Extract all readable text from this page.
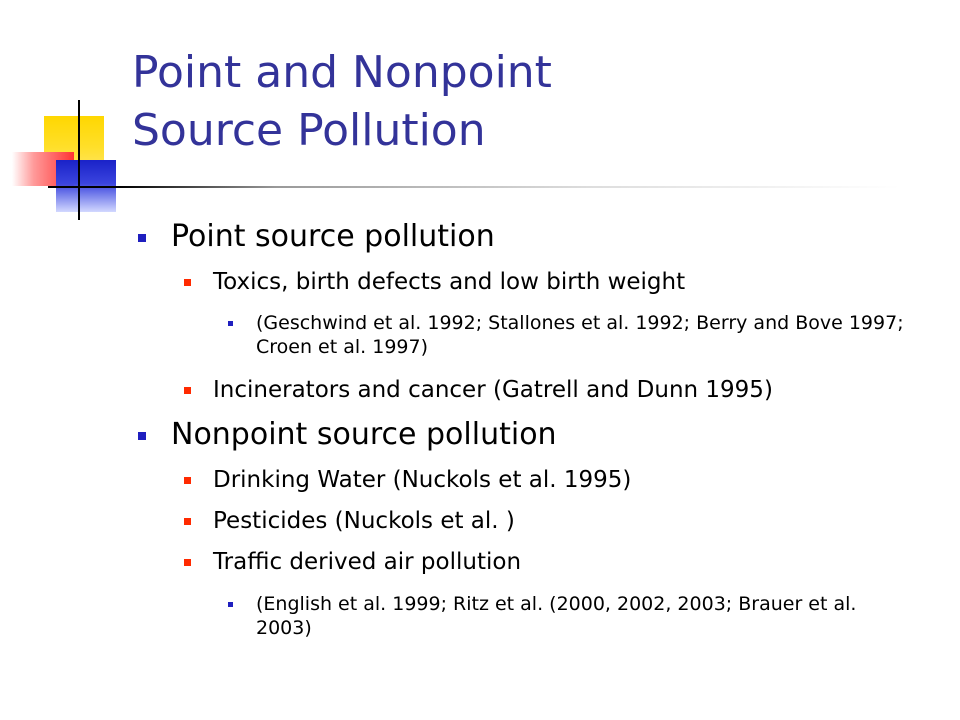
Point and Nonpoint
Source Pollution
Point source pollution
Toxics, birth defects and low birth weight
(Geschwind et al. 1992; Stallones et al. 1992; Berry and Bove 1997; Croen et al. 1997)
Incinerators and cancer (Gatrell and Dunn 1995)
Nonpoint source pollution
Drinking Water (Nuckols et al. 1995)
Pesticides (Nuckols et al. )
Traffic derived air pollution
(English et al. 1999; Ritz et al. (2000, 2002, 2003; Brauer et al. 2003)
